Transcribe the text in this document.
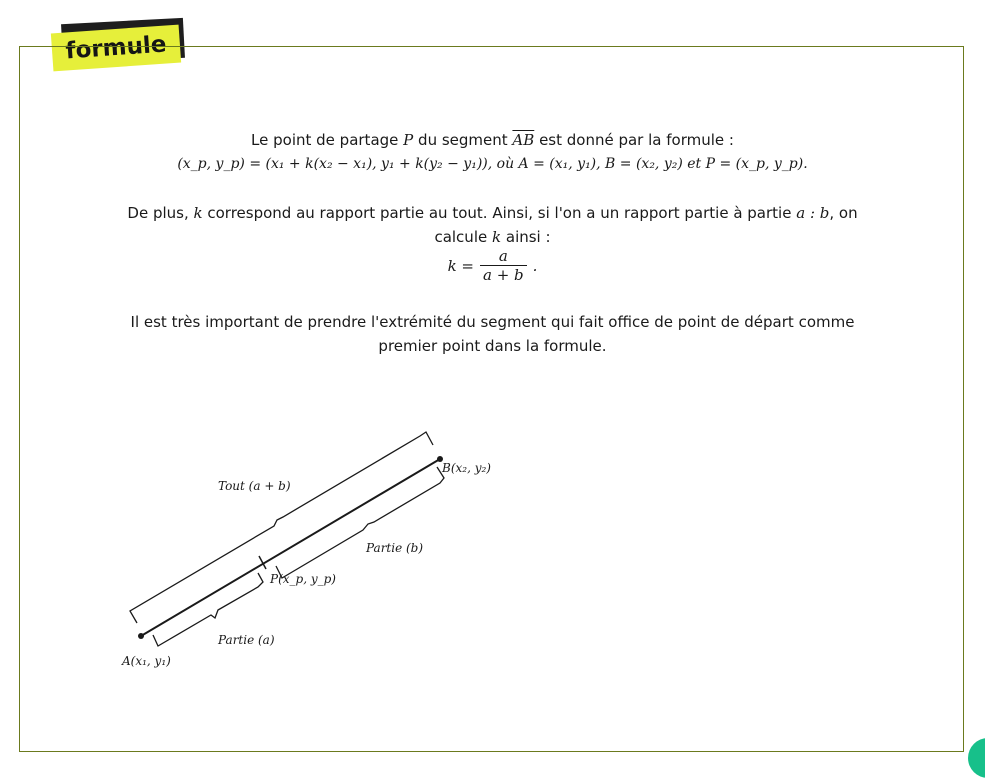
formule
Le point de partage P du segment $\overline{AB}$ est donné par la formule :
(x_p, y_p) = (x₁ + k(x₂ − x₁), y₁ + k(y₂ − y₁)), où A = (x₁, y₁), B = (x₂, y₂) et P = (x_p, y_p).
De plus, k correspond au rapport partie au tout. Ainsi, si l'on a un rapport partie à partie a : b, on calcule k ainsi :
$k = \frac{a}{a + b}$ .
Il est très important de prendre l'extrémité du segment qui fait office de point de départ comme premier point dans la formule.
Tout (a + b)
Partie (b)
Partie (a)
A(x₁, y₁)
B(x₂, y₂)
P(x_p, y_p)
